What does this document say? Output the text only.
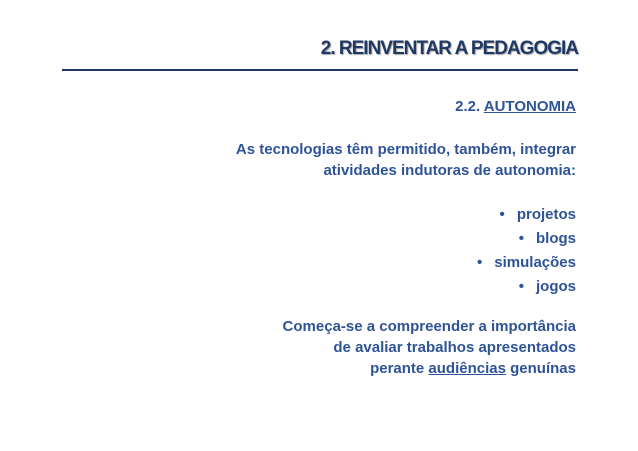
2. REINVENTAR A PEDAGOGIA
2.2. AUTONOMIA
As tecnologias têm permitido, também, integrar
atividades indutoras de autonomia:
• projetos
• blogs
• simulações
• jogos
Começa-se a compreender a importância
de avaliar trabalhos apresentados
perante audiências genuínas
